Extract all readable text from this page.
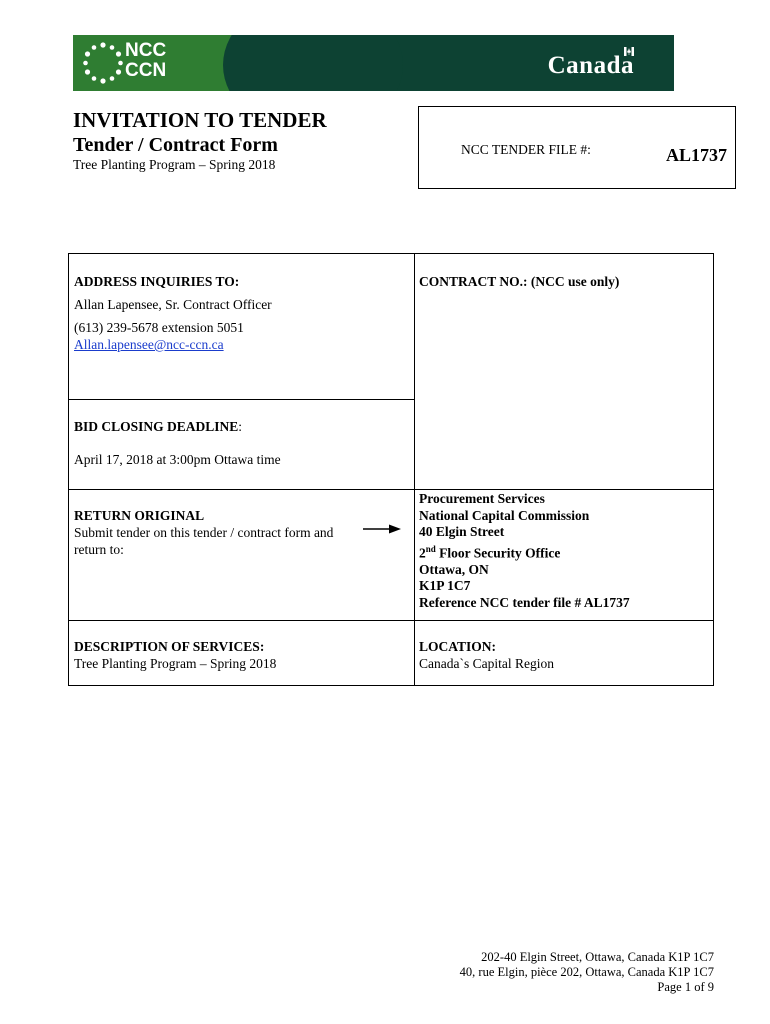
NCC
CCN	Canada
INVITATION TO TENDER
Tender / Contract Form
Tree Planting Program – Spring 2018
NCC TENDER FILE #:	AL1737
ADDRESS INQUIRIES TO:
Allan Lapensee, Sr. Contract Officer
(613) 239-5678 extension 5051
Allan.lapensee@ncc-ccn.ca
CONTRACT NO.: (NCC use only)
BID CLOSING DEADLINE:
April 17, 2018 at 3:00pm Ottawa time
RETURN ORIGINAL
Submit tender on this tender / contract form and return to:
Procurement Services
National Capital Commission
40 Elgin Street
2nd Floor Security Office
Ottawa, ON
K1P 1C7
Reference NCC tender file # AL1737
DESCRIPTION OF SERVICES:
Tree Planting Program – Spring 2018
LOCATION:
Canada`s Capital Region
202-40 Elgin Street, Ottawa, Canada K1P 1C7
40, rue Elgin, pièce 202, Ottawa, Canada K1P 1C7
Page 1 of 9
